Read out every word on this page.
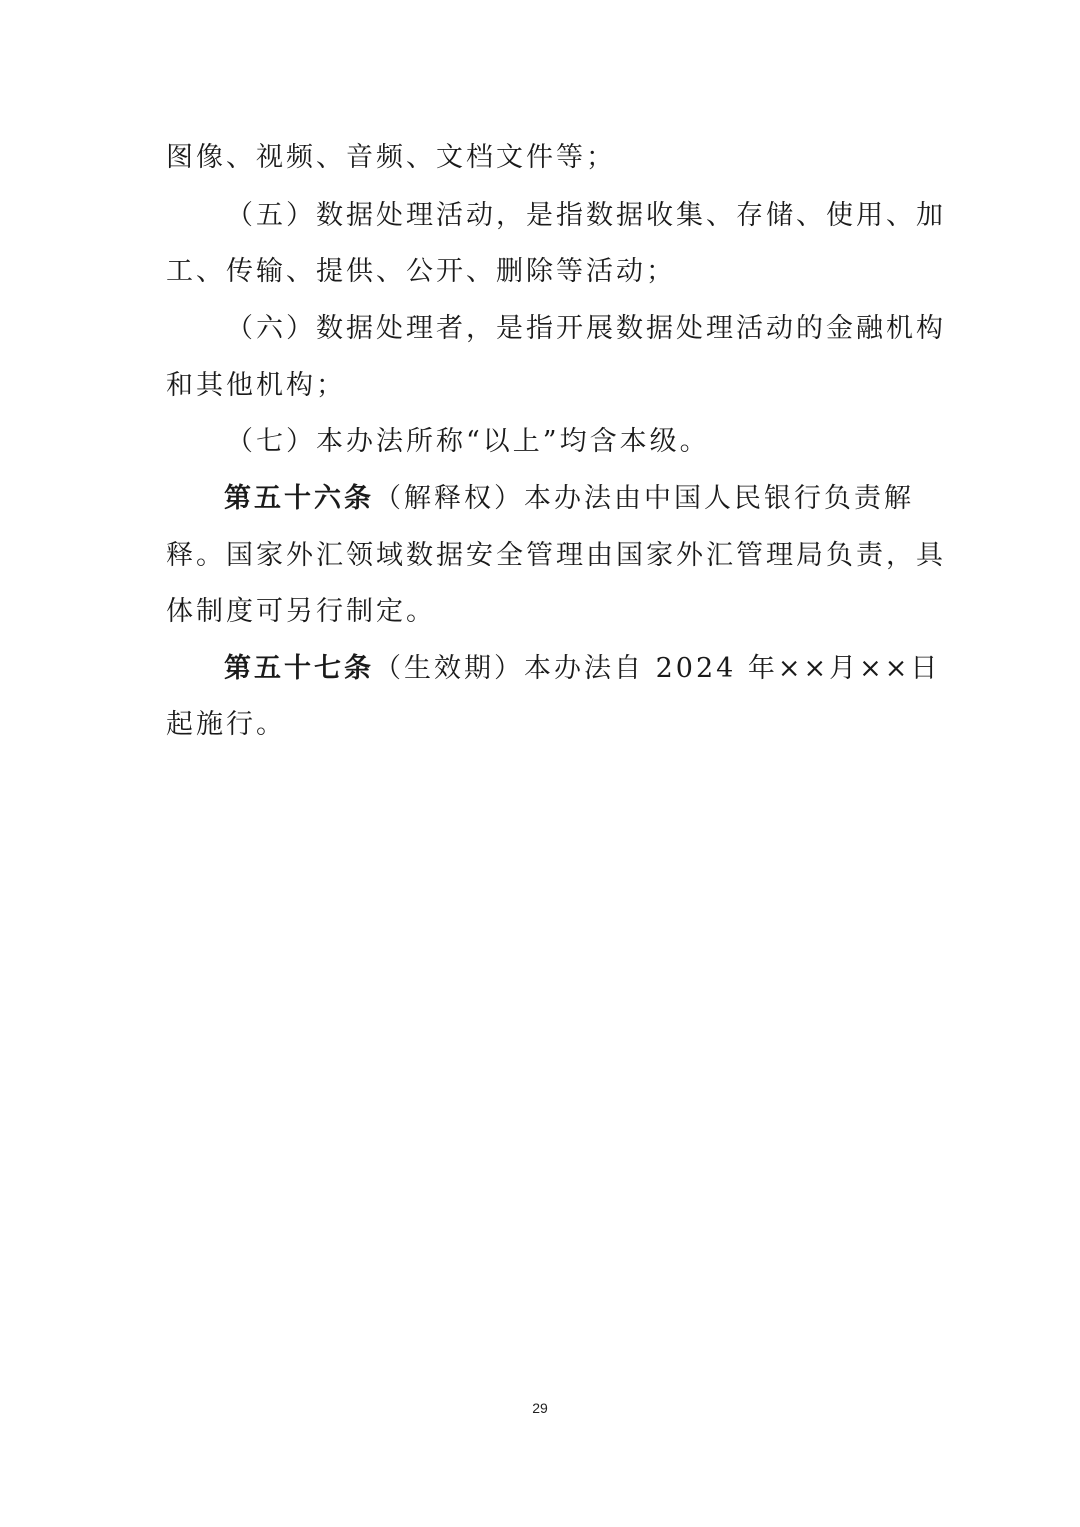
图像、视频、音频、文档文件等；
（五）数据处理活动，是指数据收集、存储、使用、加
工、传输、提供、公开、删除等活动；
（六）数据处理者，是指开展数据处理活动的金融机构
和其他机构；
（七）本办法所称“以上”均含本级。
第五十六条（解释权）本办法由中国人民银行负责解
释。国家外汇领域数据安全管理由国家外汇管理局负责，具
体制度可另行制定。
第五十七条（生效期）本办法自 2024 年××月××日
起施行。
29
